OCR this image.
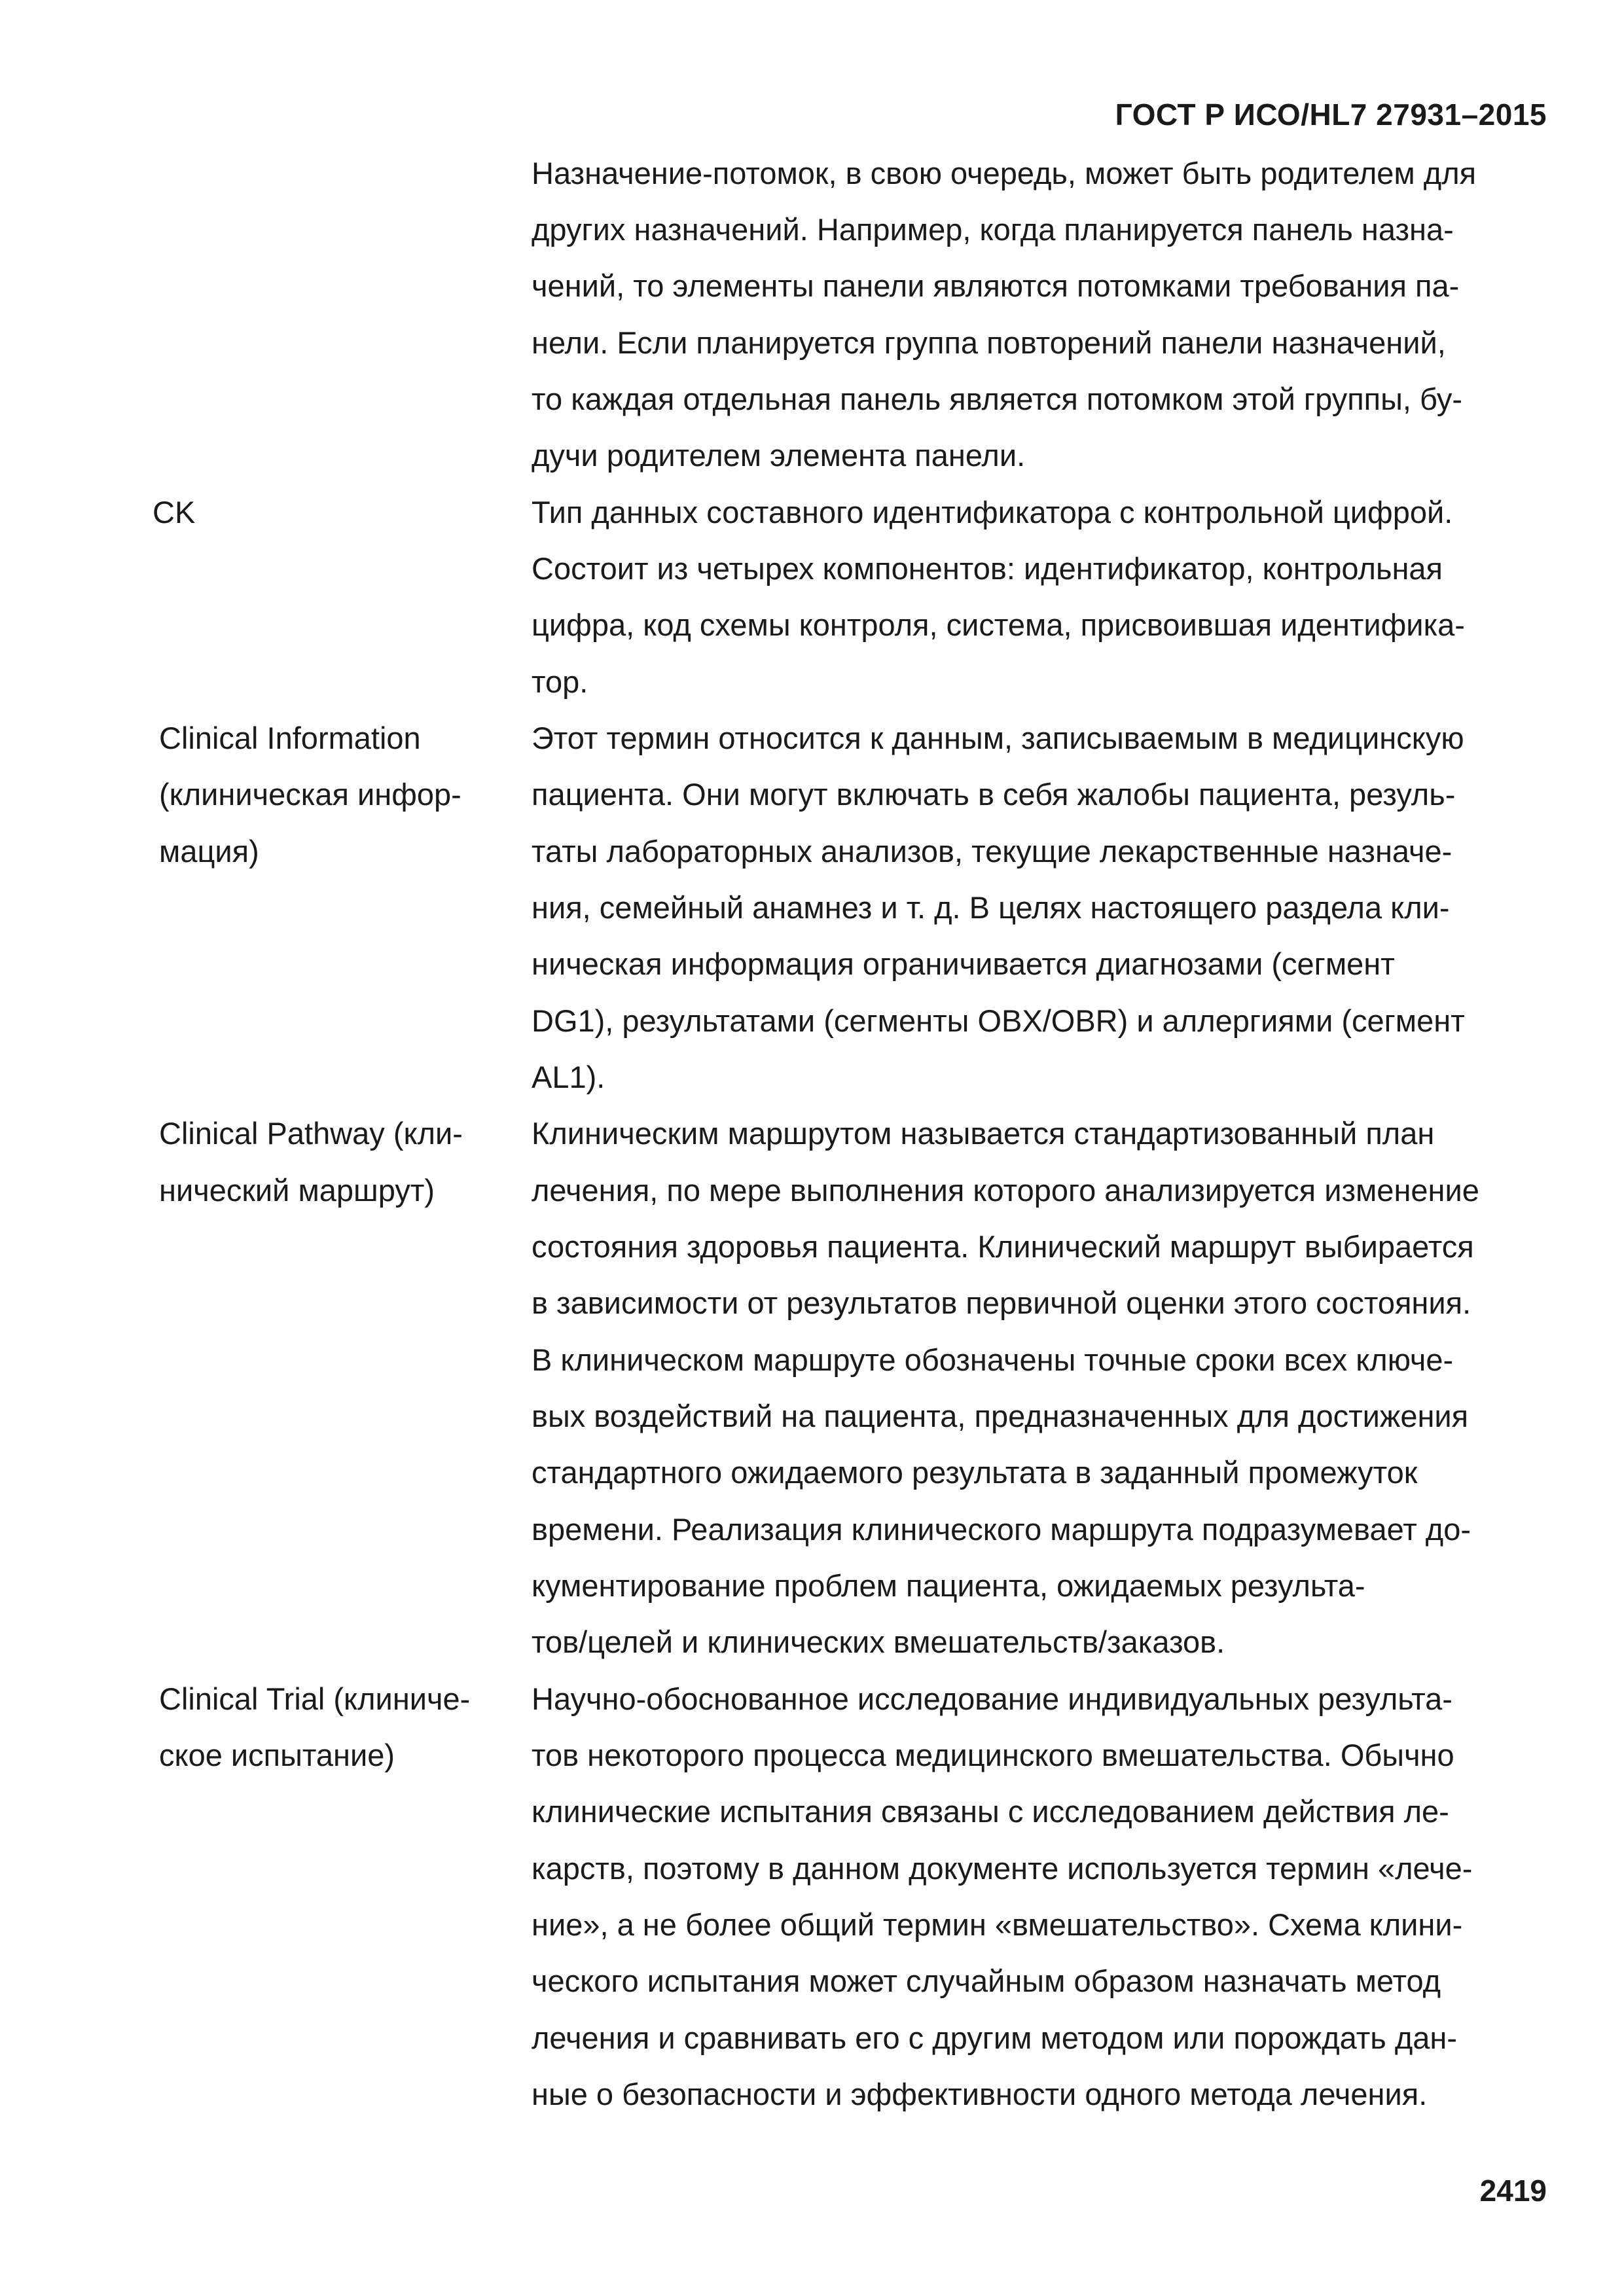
ГОСТ Р ИСО/HL7 27931–2015
Назначение-потомок, в свою очередь, может быть родителем для
других назначений. Например, когда планируется панель назна-
чений, то элементы панели являются потомками требования па-
нели. Если планируется группа повторений панели назначений,
то каждая отдельная панель является потомком этой группы, бу-
дучи родителем элемента панели.
CK	Тип данных составного идентификатора с контрольной цифрой.
Состоит из четырех компонентов: идентификатор, контрольная
цифра, код схемы контроля, система, присвоившая идентифика-
тор.
Clinical Information
(клиническая инфор-
мация)
Этот термин относится к данным, записываемым в медицинскую
пациента. Они могут включать в себя жалобы пациента, резуль-
таты лабораторных анализов, текущие лекарственные назначе-
ния, семейный анамнез и т. д. В целях настоящего раздела кли-
ническая информация ограничивается диагнозами (сегмент
DG1), результатами (сегменты OBX/OBR) и аллергиями (сегмент
AL1).
Clinical Pathway (кли-
нический маршрут)
Клиническим маршрутом называется стандартизованный план
лечения, по мере выполнения которого анализируется изменение
состояния здоровья пациента. Клинический маршрут выбирается
в зависимости от результатов первичной оценки этого состояния.
В клиническом маршруте обозначены точные сроки всех ключе-
вых воздействий на пациента, предназначенных для достижения
стандартного ожидаемого результата в заданный промежуток
времени. Реализация клинического маршрута подразумевает до-
кументирование проблем пациента, ожидаемых результа-
тов/целей и клинических вмешательств/заказов.
Clinical Trial (клиниче-
ское испытание)
Научно-обоснованное исследование индивидуальных результа-
тов некоторого процесса медицинского вмешательства. Обычно
клинические испытания связаны с исследованием действия ле-
карств, поэтому в данном документе используется термин «лече-
ние», а не более общий термин «вмешательство». Схема клини-
ческого испытания может случайным образом назначать метод
лечения и сравнивать его с другим методом или порождать дан-
ные о безопасности и эффективности одного метода лечения.
2419
